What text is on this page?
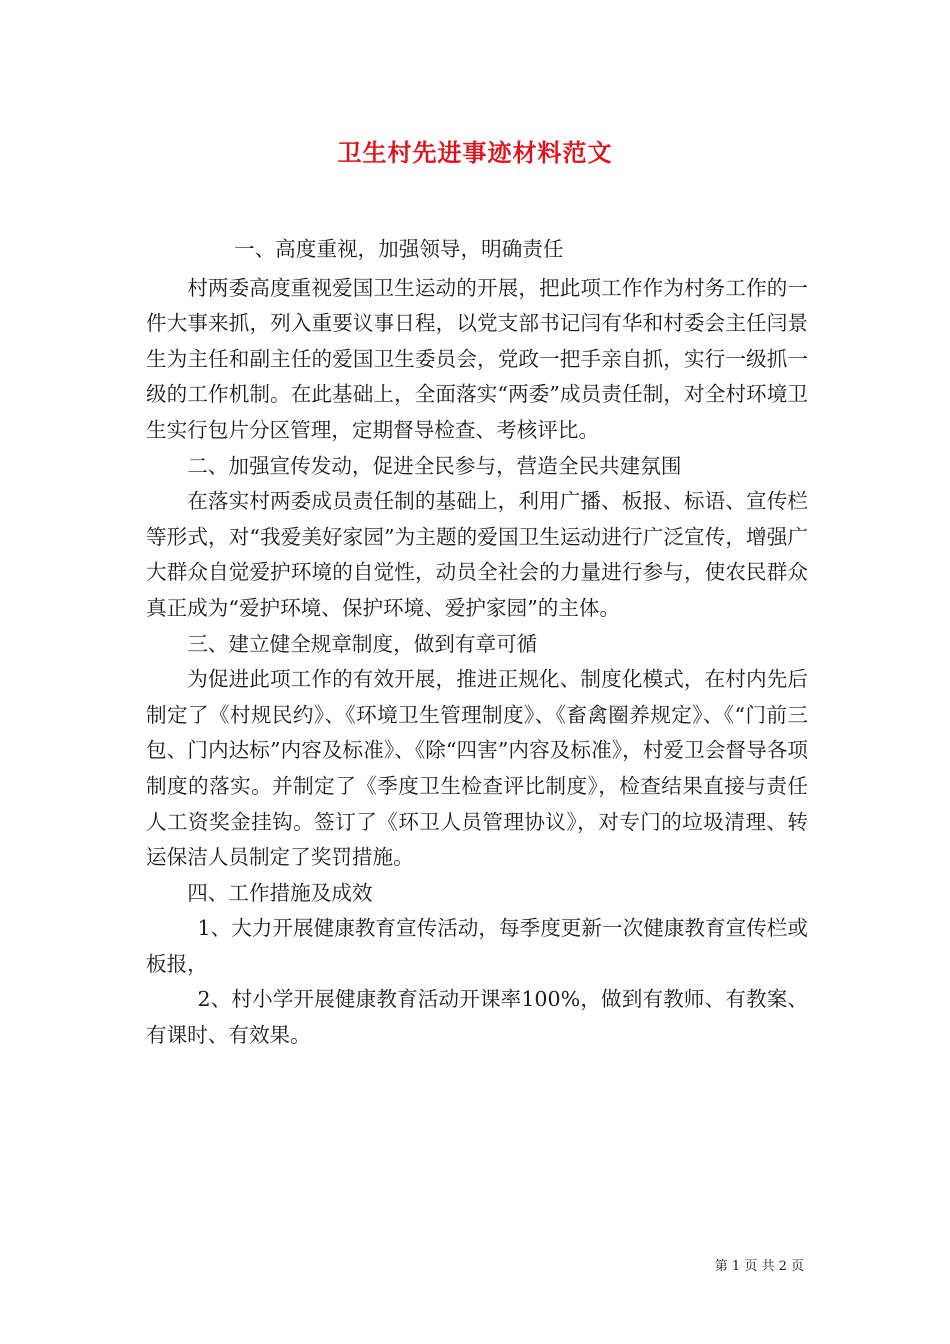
卫生村先进事迹材料范文

一、高度重视，加强领导，明确责任

村两委高度重视爱国卫生运动的开展，把此项工作作为村务工作的一件大事来抓，列入重要议事日程，以党支部书记闫有华和村委会主任闫景生为主任和副主任的爱国卫生委员会，党政一把手亲自抓，实行一级抓一级的工作机制。在此基础上，全面落实“两委”成员责任制，对全村环境卫生实行包片分区管理，定期督导检查、考核评比。

二、加强宣传发动，促进全民参与，营造全民共建氛围

在落实村两委成员责任制的基础上，利用广播、板报、标语、宣传栏等形式，对“我爱美好家园”为主题的爱国卫生运动进行广泛宣传，增强广大群众自觉爱护环境的自觉性，动员全社会的力量进行参与，使农民群众真正成为“爱护环境、保护环境、爱护家园”的主体。

三、建立健全规章制度，做到有章可循

为促进此项工作的有效开展，推进正规化、制度化模式，在村内先后制定了《村规民约》、《环境卫生管理制度》、《畜禽圈养规定》、《“门前三包、门内达标”内容及标准》、《除“四害”内容及标准》，村爱卫会督导各项制度的落实。并制定了《季度卫生检查评比制度》，检查结果直接与责任人工资奖金挂钩。签订了《环卫人员管理协议》，对专门的垃圾清理、转运保洁人员制定了奖罚措施。

四、工作措施及成效

1、大力开展健康教育宣传活动，每季度更新一次健康教育宣传栏或板报，

2、村小学开展健康教育活动开课率100%，做到有教师、有教案、有课时、有效果。

第 1 页 共 2 页
